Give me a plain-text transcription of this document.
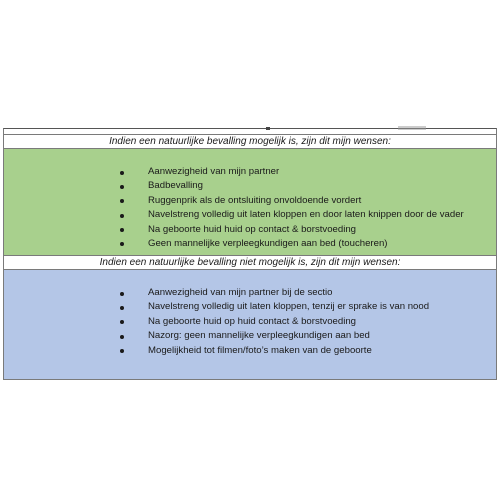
Indien een natuurlijke bevalling mogelijk is, zijn dit mijn wensen:
Aanwezigheid van mijn partner
Badbevalling
Ruggenprik als de ontsluiting onvoldoende vordert
Navelstreng volledig uit laten kloppen en door laten knippen door de vader
Na geboorte huid huid op contact & borstvoeding
Geen mannelijke verpleegkundigen aan bed (toucheren)
Indien een natuurlijke bevalling niet mogelijk is, zijn dit mijn wensen:
Aanwezigheid van mijn partner bij de sectio
Navelstreng volledig uit laten kloppen, tenzij er sprake is van nood
Na geboorte huid op huid contact & borstvoeding
Nazorg: geen mannelijke verpleegkundigen aan bed
Mogelijkheid tot filmen/foto’s maken van de geboorte
